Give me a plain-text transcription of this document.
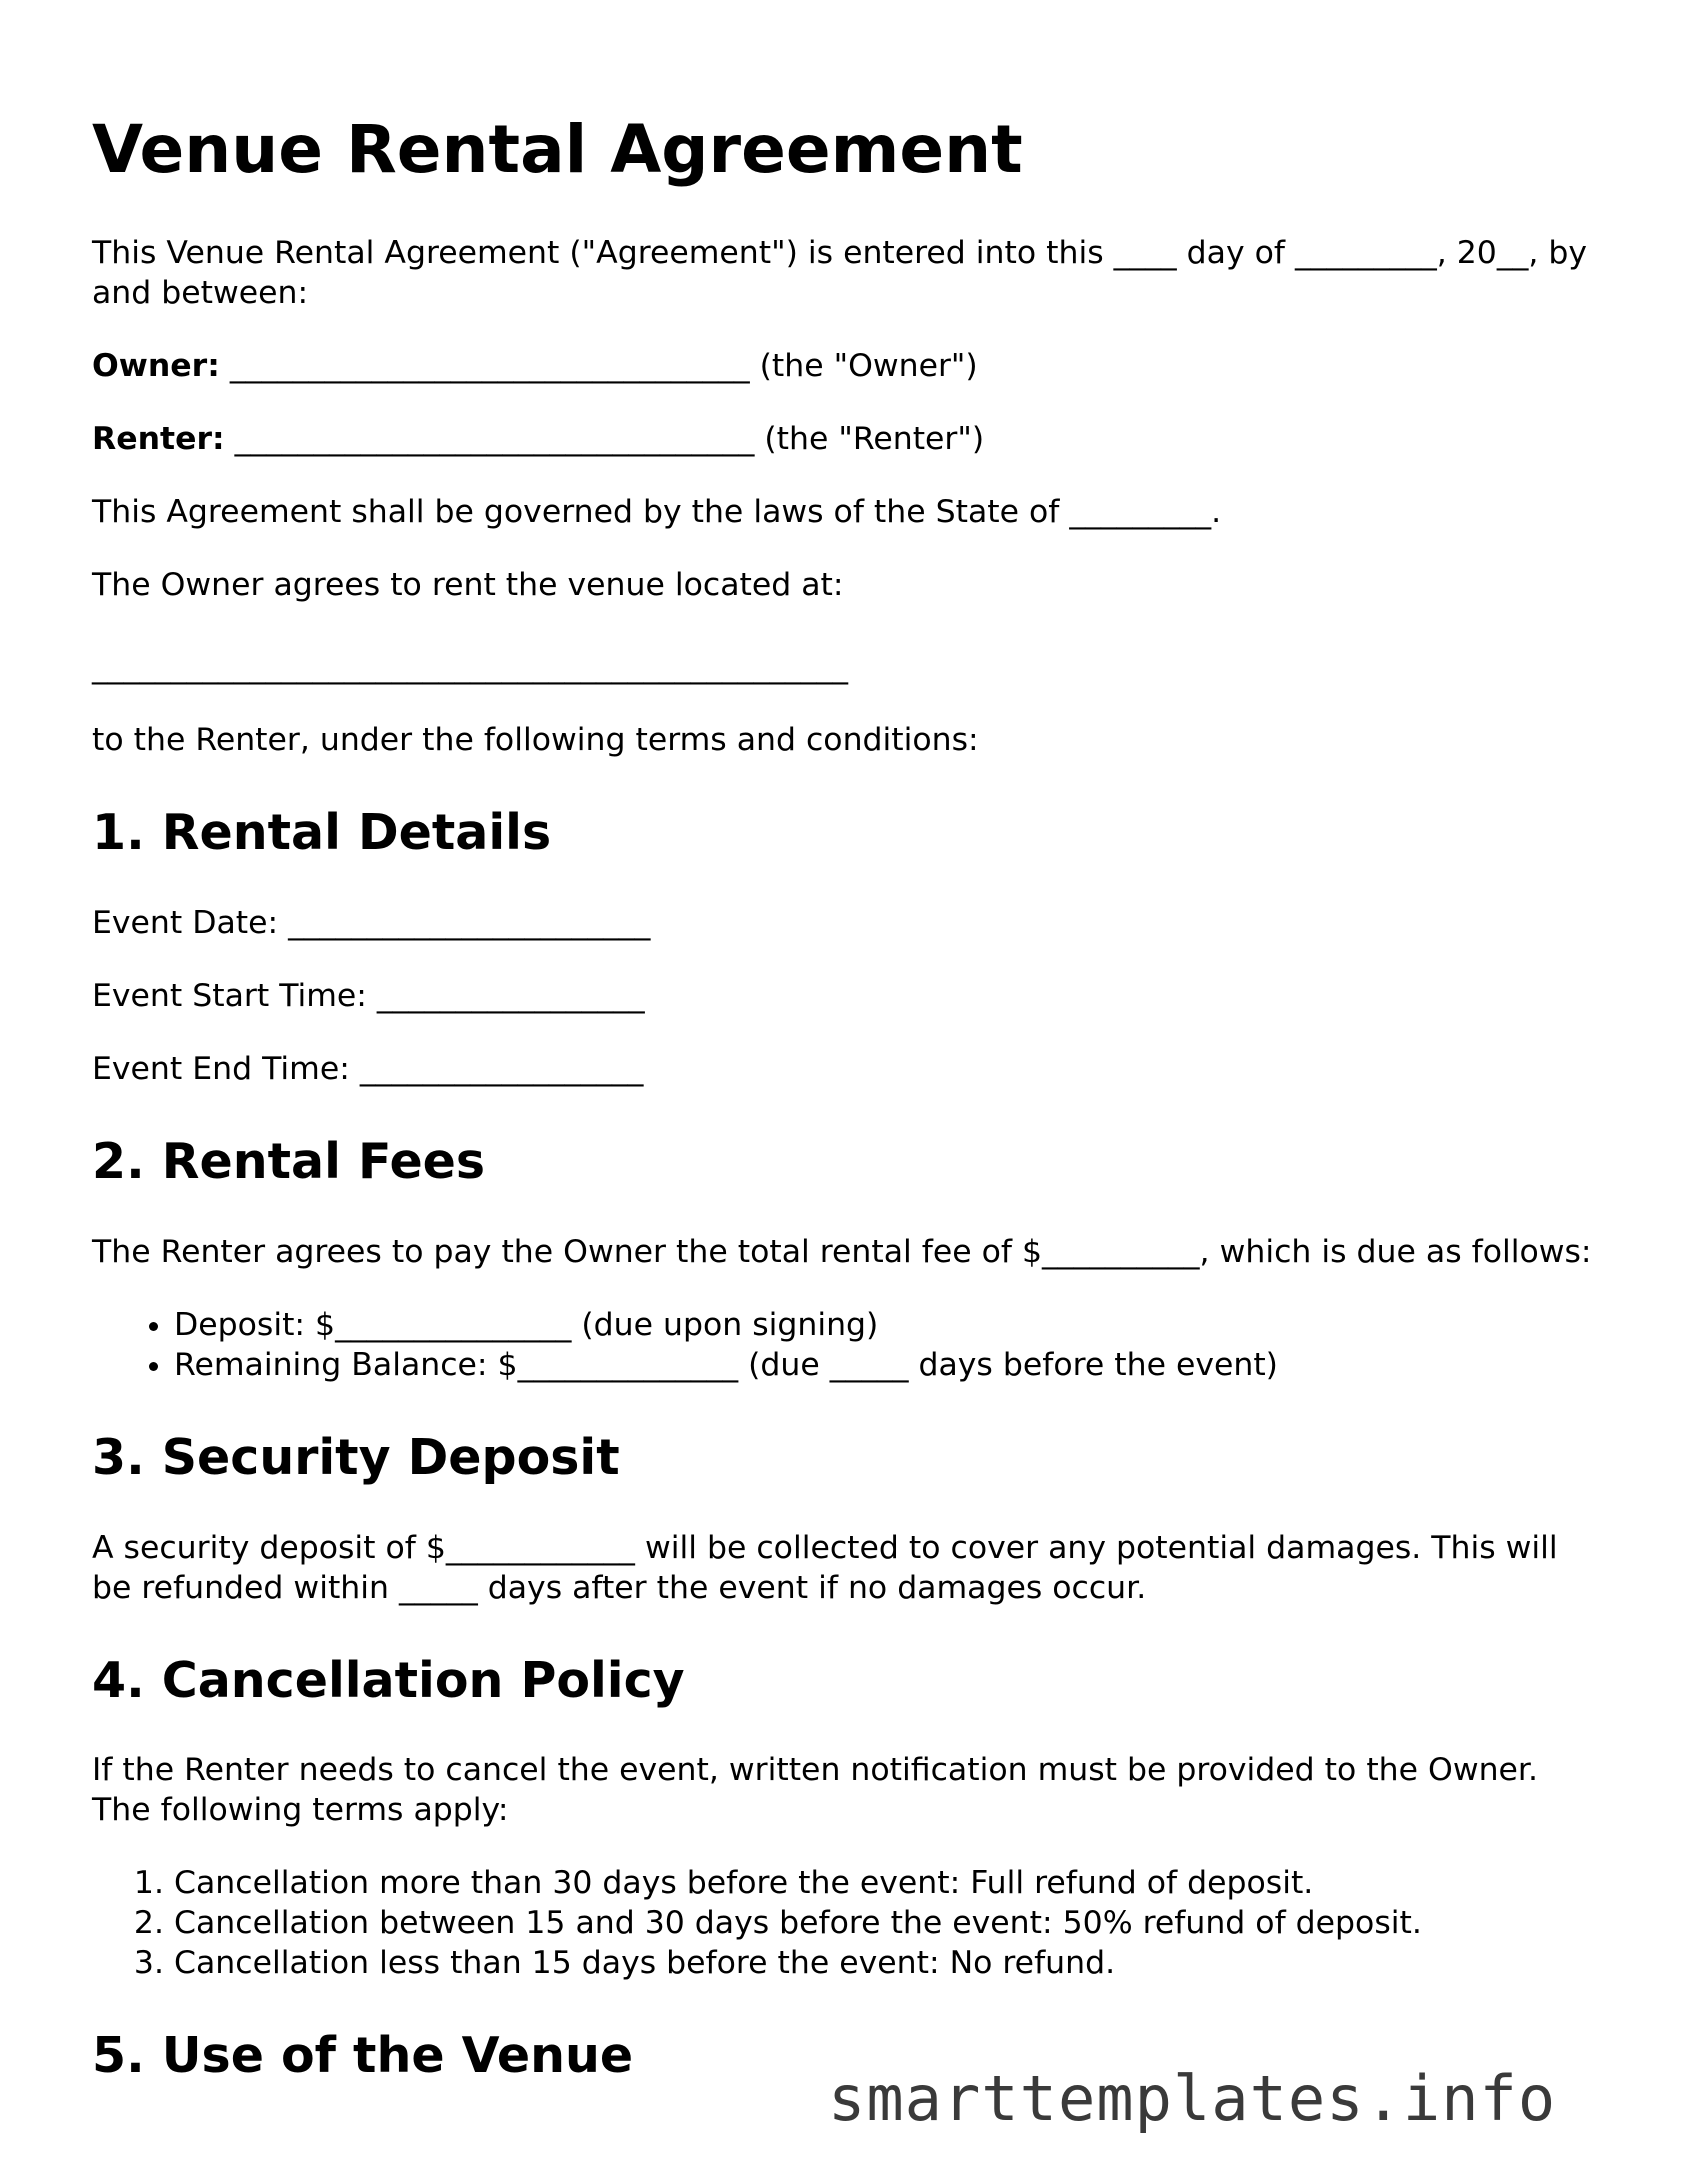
Venue Rental Agreement

This Venue Rental Agreement ("Agreement") is entered into this ____ day of _________, 20__, by and between:

Owner: _________________________________ (the "Owner")

Renter: _________________________________ (the "Renter")

This Agreement shall be governed by the laws of the State of _________.

The Owner agrees to rent the venue located at:

________________________________________________

to the Renter, under the following terms and conditions:

1. Rental Details

Event Date: _______________________

Event Start Time: _________________

Event End Time: __________________

2. Rental Fees

The Renter agrees to pay the Owner the total rental fee of $__________, which is due as follows:

• Deposit: $_______________ (due upon signing)
• Remaining Balance: $______________ (due _____ days before the event)
3. Security Deposit

A security deposit of $____________ will be collected to cover any potential damages. This will be refunded within _____ days after the event if no damages occur.

4. Cancellation Policy

If the Renter needs to cancel the event, written notification must be provided to the Owner. The following terms apply:

1. Cancellation more than 30 days before the event: Full refund of deposit.
2. Cancellation between 15 and 30 days before the event: 50% refund of deposit.
3. Cancellation less than 15 days before the event: No refund.
5. Use of the Venue
smarttemplates.info
